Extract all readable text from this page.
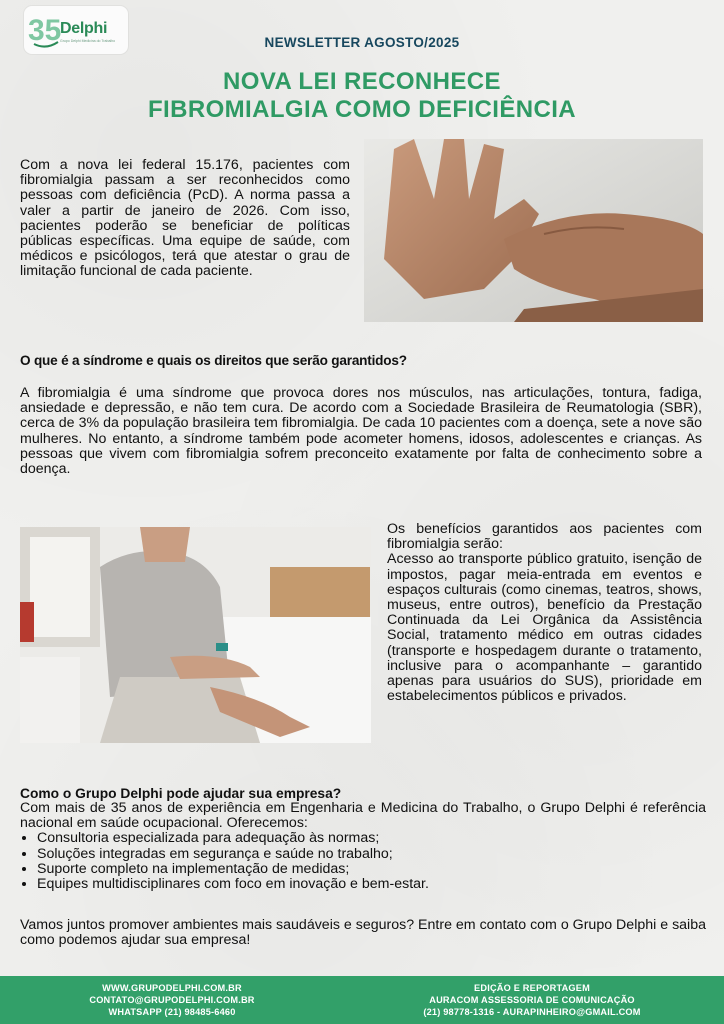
35
Delphi
Grupo Delphi Medicina do Trabalho	NEWSLETTER AGOSTO/2025
NOVA LEI RECONHECE
FIBROMIALGIA COMO DEFICIÊNCIA
Com a nova lei federal 15.176, pacientes com fibromialgia passam a ser reconhecidos como pessoas com deficiência (PcD). A norma passa a valer a partir de janeiro de 2026. Com isso, pacientes poderão se beneficiar de políticas públicas específicas. Uma equipe de saúde, com médicos e psicólogos, terá que atestar o grau de limitação funcional de cada paciente.
O que é a síndrome e quais os direitos que serão garantidos?
A fibromialgia é uma síndrome que provoca dores nos músculos, nas articulações, tontura, fadiga, ansiedade e depressão, e não tem cura. De acordo com a Sociedade Brasileira de Reumatologia (SBR), cerca de 3% da população brasileira tem fibromialgia. De cada 10 pacientes com a doença, sete a nove são mulheres. No entanto, a síndrome também pode acometer homens, idosos, adolescentes e crianças. As pessoas que vivem com fibromialgia sofrem preconceito exatamente por falta de conhecimento sobre a doença.

Os benefícios garantidos aos pacientes com fibromialgia serão:

Acesso ao transporte público gratuito, isenção de impostos, pagar meia-entrada em eventos e espaços culturais (como cinemas, teatros, shows, museus, entre outros), benefício da Prestação Continuada da Lei Orgânica da Assistência Social, tratamento médico em outras cidades (transporte e hospedagem durante o tratamento, inclusive para o acompanhante – garantido apenas para usuários do SUS), prioridade em estabelecimentos públicos e privados.

Como o Grupo Delphi pode ajudar sua empresa?

Com mais de 35 anos de experiência em Engenharia e Medicina do Trabalho, o Grupo Delphi é referência nacional em saúde ocupacional. Oferecemos:

• Consultoria especializada para adequação às normas;
• Soluções integradas em segurança e saúde no trabalho;
• Suporte completo na implementação de medidas;
• Equipes multidisciplinares com foco em inovação e bem-estar.
Vamos juntos promover ambientes mais saudáveis e seguros? Entre em contato com o Grupo Delphi e saiba como podemos ajudar sua empresa!
WWW.GRUPODELPHI.COM.BR
CONTATO@GRUPODELPHI.COM.BR
WHATSAPP (21) 98485-6460
EDIÇÃO E REPORTAGEM
AURACOM ASSESSORIA DE COMUNICAÇÃO
(21) 98778-1316 - AURAPINHEIRO@GMAIL.COM
